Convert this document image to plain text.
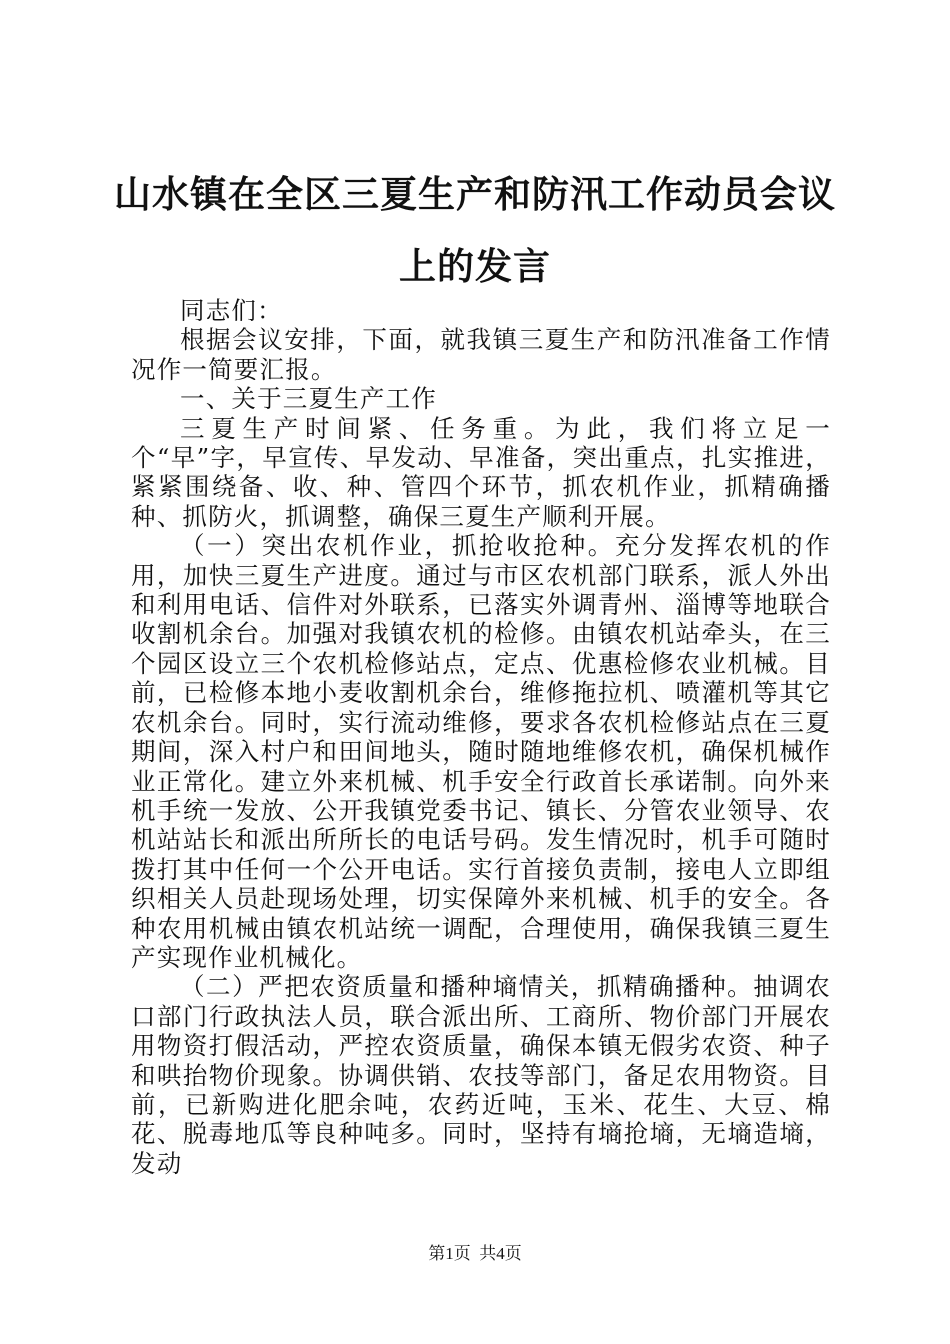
山水镇在全区三夏生产和防汛工作动员会议上的发言

同志们：

根据会议安排，下面，就我镇三夏生产和防汛准备工作情况作一简要汇报。

一、关于三夏生产工作

三夏生产时间紧、任务重。为此，我们将立足一个“早”字，早宣传、早发动、早准备，突出重点，扎实推进，紧紧围绕备、收、种、管四个环节，抓农机作业，抓精确播种、抓防火，抓调整，确保三夏生产顺利开展。

（一）突出农机作业，抓抢收抢种。充分发挥农机的作用，加快三夏生产进度。通过与市区农机部门联系，派人外出和利用电话、信件对外联系，已落实外调青州、淄博等地联合收割机余台。加强对我镇农机的检修。由镇农机站牵头，在三个园区设立三个农机检修站点，定点、优惠检修农业机械。目前，已检修本地小麦收割机余台，维修拖拉机、喷灌机等其它农机余台。同时，实行流动维修，要求各农机检修站点在三夏期间，深入村户和田间地头，随时随地维修农机，确保机械作业正常化。建立外来机械、机手安全行政首长承诺制。向外来机手统一发放、公开我镇党委书记、镇长、分管农业领导、农机站站长和派出所所长的电话号码。发生情况时，机手可随时拨打其中任何一个公开电话。实行首接负责制，接电人立即组织相关人员赴现场处理，切实保障外来机械、机手的安全。各种农用机械由镇农机站统一调配，合理使用，确保我镇三夏生产实现作业机械化。

（二）严把农资质量和播种墒情关，抓精确播种。抽调农口部门行政执法人员，联合派出所、工商所、物价部门开展农用物资打假活动，严控农资质量，确保本镇无假劣农资、种子和哄抬物价现象。协调供销、农技等部门，备足农用物资。目前，已新购进化肥余吨，农药近吨，玉米、花生、大豆、棉花、脱毒地瓜等良种吨多。同时，坚持有墒抢墒，无墒造墒，发动

第1页 共4页
